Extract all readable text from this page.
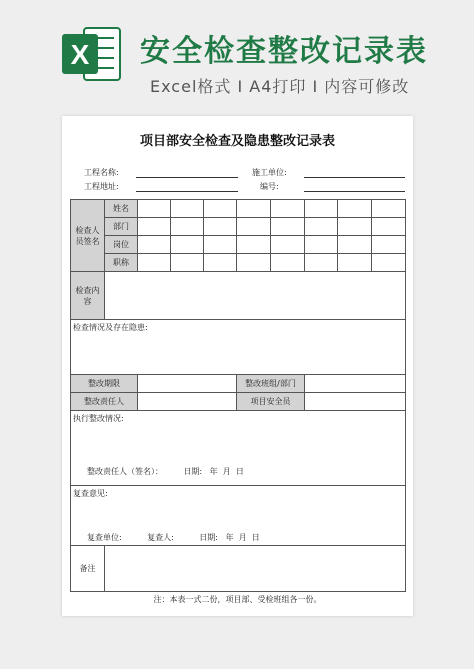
X 安全检查整改记录表
Excel格式 I A4打印 I 内容可修改
项目部安全检查及隐患整改记录表
工程名称:	施工单位:
工程地址:	编号:
检查人员签名	姓名								
	部门								
	岗位								
	职称								
检查内容									
检查情况及存在隐患:									
整改期限					整改班组/部门				
整改责任人					项目安全员				

执行整改情况:
整改责任人（签名）：        日期:   年  月  日									

复查意见:
复查单位:          复查人:          日期:   年  月  日									

备注									
注：本表一式二份，项目部、受检班组各一份。
